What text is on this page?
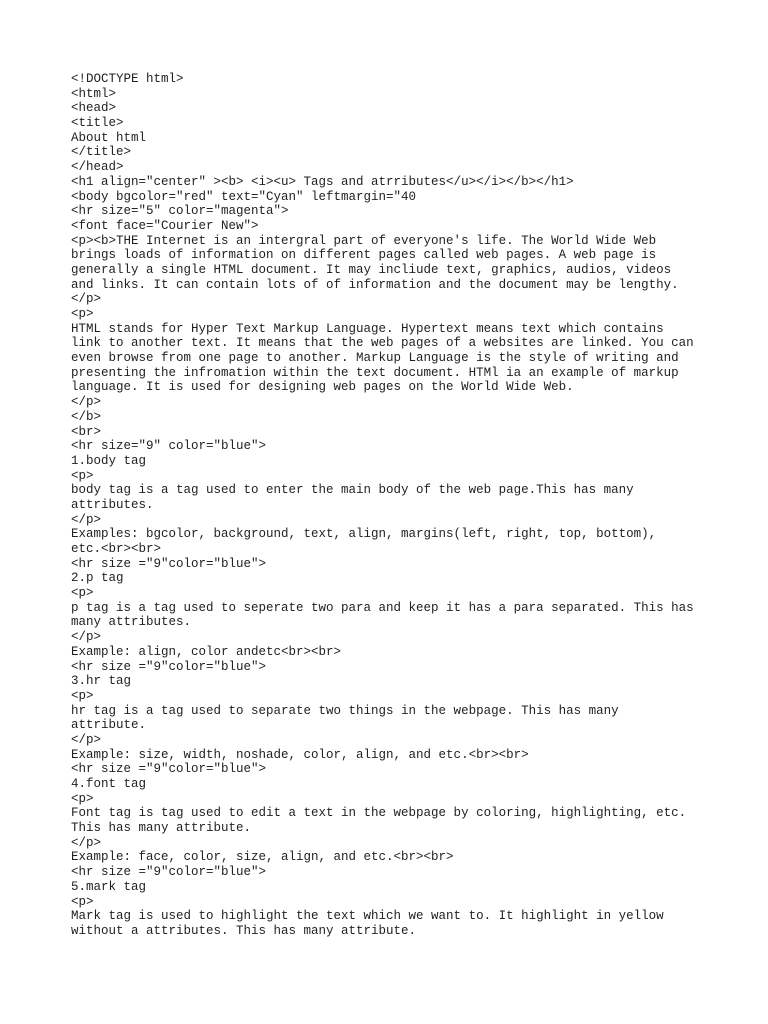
<!DOCTYPE html>

<html>

<head>

<title>

About html

</title>

</head>

<h1 align="center" ><b> <i><u> Tags and atrributes</u></i></b></h1>

<body bgcolor="red" text="Cyan" leftmargin="40

<hr size="5" color="magenta">

<font face="Courier New">

<p><b>THE Internet is an intergral part of everyone's life. The World Wide Web

brings loads of information on different pages called web pages. A web page is

generally a single HTML document. It may incliude text, graphics, audios, videos

and links. It can contain lots of of information and the document may be lengthy.

</p>

<p>

HTML stands for Hyper Text Markup Language. Hypertext means text which contains

link to another text. It means that the web pages of a websites are linked. You can

even browse from one page to another. Markup Language is the style of writing and

presenting the infromation within the text document. HTMl ia an example of markup

language. It is used for designing web pages on the World Wide Web.

</p>

</b>

<br>

<hr size="9" color="blue">

1.body tag

<p>

body tag is a tag used to enter the main body of the web page.This has many

attributes.

</p>

Examples: bgcolor, background, text, align, margins(left, right, top, bottom),

etc.<br><br>

<hr size ="9"color="blue">

2.p tag

<p>

p tag is a tag used to seperate two para and keep it has a para separated. This has

many attributes.

</p>

Example: align, color andetc<br><br>

<hr size ="9"color="blue">

3.hr tag

<p>

hr tag is a tag used to separate two things in the webpage. This has many

attribute.

</p>

Example: size, width, noshade, color, align, and etc.<br><br>

<hr size ="9"color="blue">

4.font tag

<p>

Font tag is tag used to edit a text in the webpage by coloring, highlighting, etc.

This has many attribute.

</p>

Example: face, color, size, align, and etc.<br><br>

<hr size ="9"color="blue">

5.mark tag

<p>

Mark tag is used to highlight the text which we want to. It highlight in yellow

without a attributes. This has many attribute.
